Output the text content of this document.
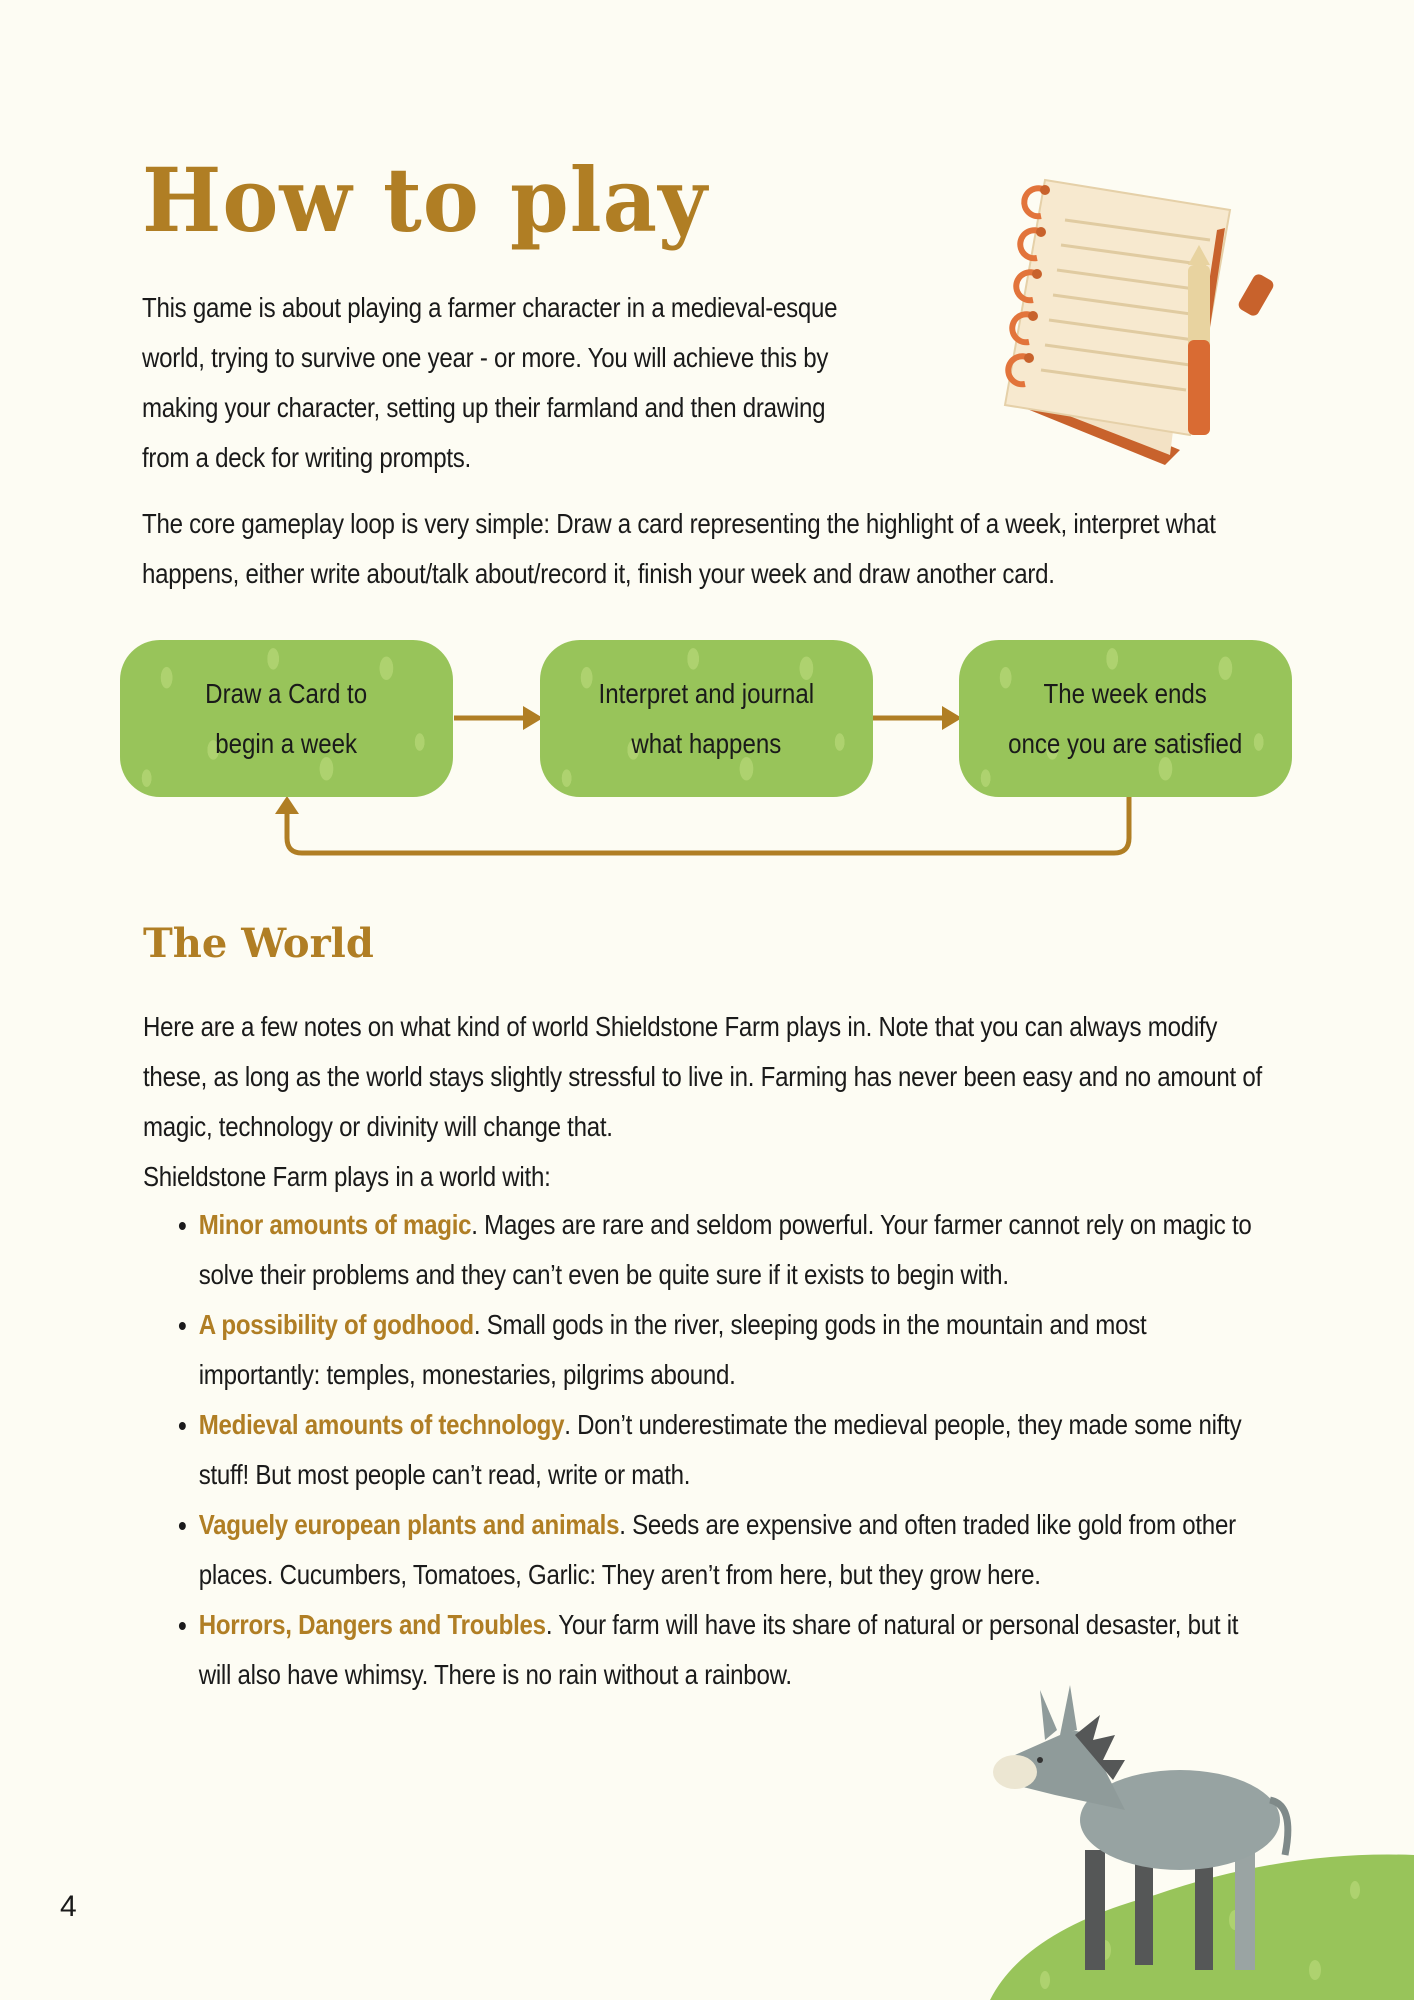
How to play

This game is about playing a farmer character in a medieval-esque world, trying to survive one year - or more. You will achieve this by making your character, setting up their farmland and then drawing from a deck for writing prompts.

The core gameplay loop is very simple: Draw a card representing the highlight of a week, interpret what happens, either write about/talk about/record it, finish your week and draw another card.

Draw a Card to
begin a week
Interpret and journal
what happens
The week ends
once you are satisfied
The World
Here are a few notes on what kind of world Shieldstone Farm plays in. Note that you can always modify these, as long as the world stays slightly stressful to live in. Farming has never been easy and no amount of magic, technology or divinity will change that.
Shieldstone Farm plays in a world with:
• Minor amounts of magic. Mages are rare and seldom powerful. Your farmer cannot rely on magic to solve their problems and they can’t even be quite sure if it exists to begin with.
• A possibility of godhood. Small gods in the river, sleeping gods in the mountain and most importantly: temples, monestaries, pilgrims abound.
• Medieval amounts of technology. Don’t underestimate the medieval people, they made some nifty stuff! But most people can’t read, write or math.
• Vaguely european plants and animals. Seeds are expensive and often traded like gold from other places. Cucumbers, Tomatoes, Garlic: They aren’t from here, but they grow here.
• Horrors, Dangers and Troubles. Your farm will have its share of natural or personal desaster, but it will also have whimsy. There is no rain without a rainbow.
4
